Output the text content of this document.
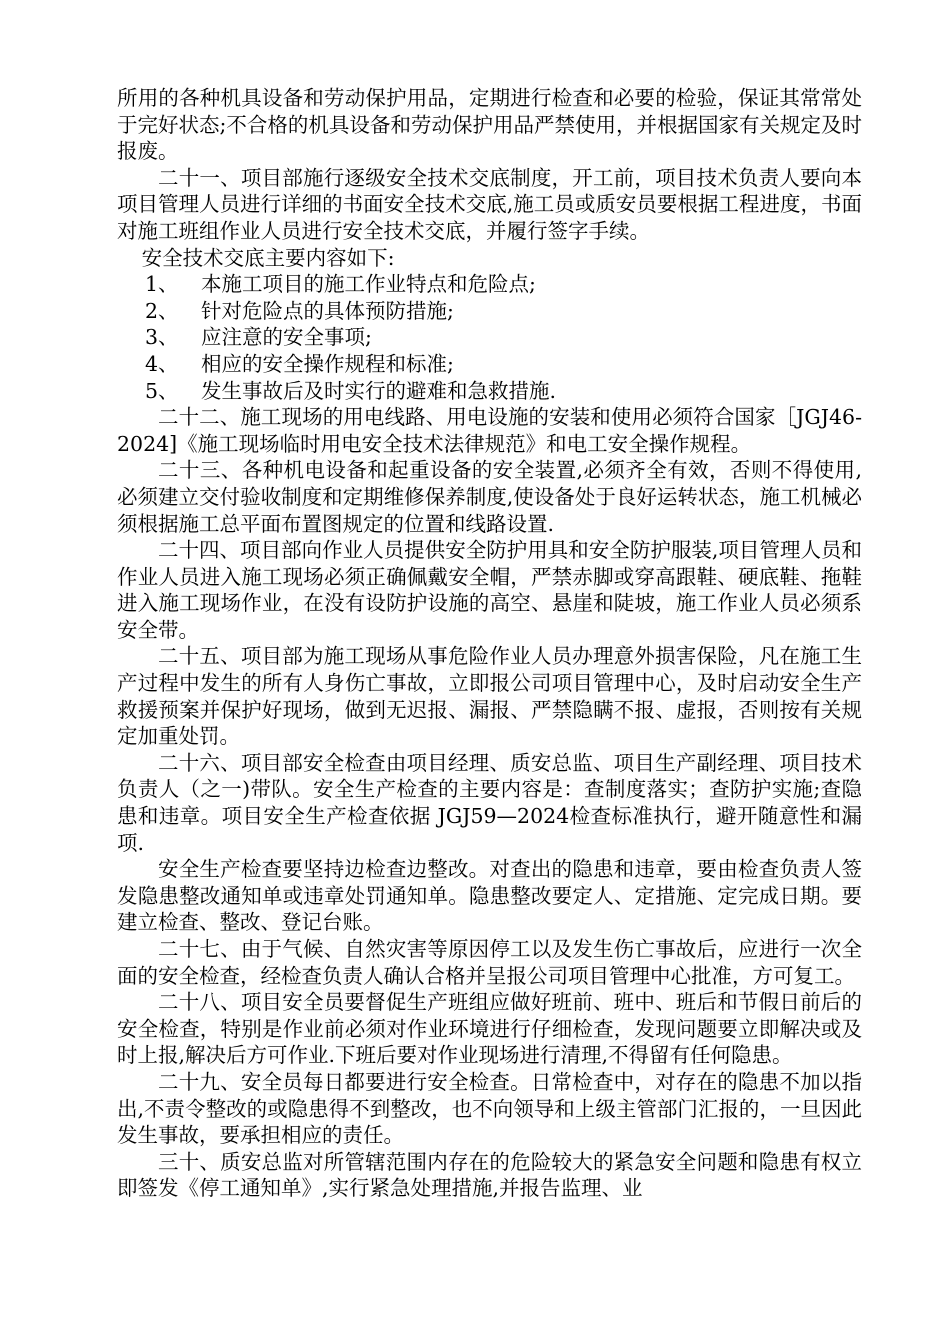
所用的各种机具设备和劳动保护用品，定期进行检查和必要的检验，保证其常常处于完好状态;不合格的机具设备和劳动保护用品严禁使用，并根据国家有关规定及时报废。

二十一、项目部施行逐级安全技术交底制度，开工前，项目技术负责人要向本项目管理人员进行详细的书面安全技术交底,施工员或质安员要根据工程进度，书面对施工班组作业人员进行安全技术交底，并履行签字手续。

安全技术交底主要内容如下:

1、 本施工项目的施工作业特点和危险点;

2、 针对危险点的具体预防措施;

3、 应注意的安全事项;

4、 相应的安全操作规程和标准;

5、 发生事故后及时实行的避难和急救措施.

二十二、施工现场的用电线路、用电设施的安装和使用必须符合国家［JGJ46-2024]《施工现场临时用电安全技术法律规范》和电工安全操作规程。

二十三、各种机电设备和起重设备的安全装置,必须齐全有效，否则不得使用,必须建立交付验收制度和定期维修保养制度,使设备处于良好运转状态，施工机械必须根据施工总平面布置图规定的位置和线路设置.

二十四、项目部向作业人员提供安全防护用具和安全防护服装,项目管理人员和作业人员进入施工现场必须正确佩戴安全帽，严禁赤脚或穿高跟鞋、硬底鞋、拖鞋进入施工现场作业，在没有设防护设施的高空、悬崖和陡坡，施工作业人员必须系安全带。

二十五、项目部为施工现场从事危险作业人员办理意外损害保险，凡在施工生产过程中发生的所有人身伤亡事故，立即报公司项目管理中心，及时启动安全生产救援预案并保护好现场，做到无迟报、漏报、严禁隐瞒不报、虚报，否则按有关规定加重处罚。

二十六、项目部安全检查由项目经理、质安总监、项目生产副经理、项目技术负责人（之一)带队。安全生产检查的主要内容是：查制度落实；查防护实施;查隐患和违章。项目安全生产检查依据 JGJ59—2024检查标准执行，避开随意性和漏项.

安全生产检查要坚持边检查边整改。对查出的隐患和违章，要由检查负责人签发隐患整改通知单或违章处罚通知单。隐患整改要定人、定措施、定完成日期。要建立检查、整改、登记台账。

二十七、由于气候、自然灾害等原因停工以及发生伤亡事故后，应进行一次全面的安全检查，经检查负责人确认合格并呈报公司项目管理中心批准，方可复工。

二十八、项目安全员要督促生产班组应做好班前、班中、班后和节假日前后的安全检查，特别是作业前必须对作业环境进行仔细检查，发现问题要立即解决或及时上报,解决后方可作业.下班后要对作业现场进行清理,不得留有任何隐患。

二十九、安全员每日都要进行安全检查。日常检查中，对存在的隐患不加以指出,不责令整改的或隐患得不到整改，也不向领导和上级主管部门汇报的，一旦因此发生事故，要承担相应的责任。

三十、质安总监对所管辖范围内存在的危险较大的紧急安全问题和隐患有权立即签发《停工通知单》,实行紧急处理措施,并报告监理、业
